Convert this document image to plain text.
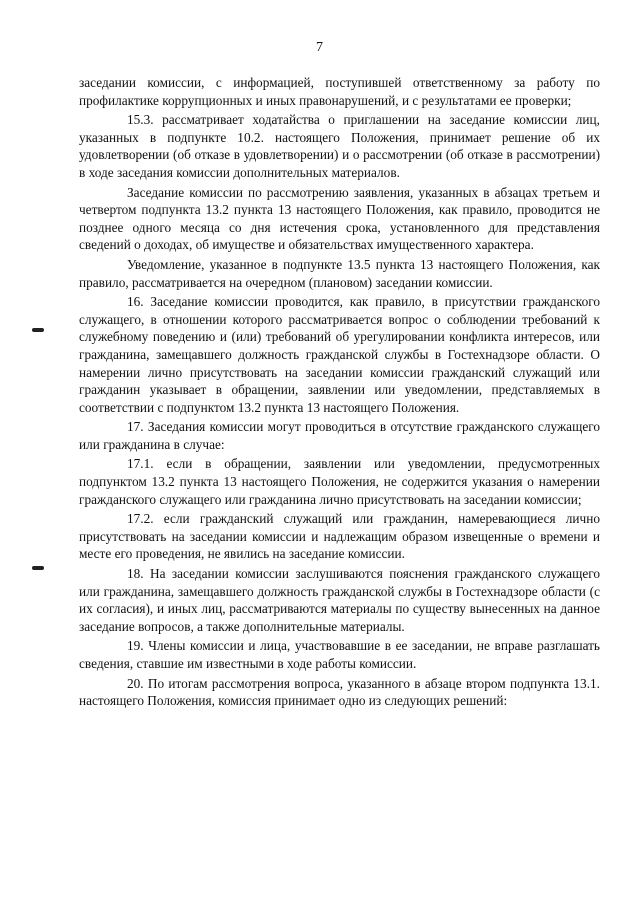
7

заседании комиссии, с информацией, поступившей ответственному за работу по профилактике коррупционных и иных правонарушений, и с результатами ее проверки;

15.3. рассматривает ходатайства о приглашении на заседание комиссии лиц, указанных в подпункте 10.2. настоящего Положения, принимает решение об их удовлетворении (об отказе в удовлетворении) и о рассмотрении (об отказе в рассмотрении) в ходе заседания комиссии дополнительных материалов.

Заседание комиссии по рассмотрению заявления, указанных в абзацах третьем и четвертом подпункта 13.2 пункта 13 настоящего Положения, как правило, проводится не позднее одного месяца со дня истечения срока, установленного для представления сведений о доходах, об имуществе и обязательствах имущественного характера.

Уведомление, указанное в подпункте 13.5 пункта 13 настоящего Положения, как правило, рассматривается на очередном (плановом) заседании комиссии.

16. Заседание комиссии проводится, как правило, в присутствии гражданского служащего, в отношении которого рассматривается вопрос о соблюдении требований к служебному поведению и (или) требований об урегулировании конфликта интересов, или гражданина, замещавшего должность гражданской службы в Гостехнадзоре области. О намерении лично присутствовать на заседании комиссии гражданский служащий или гражданин указывает в обращении, заявлении или уведомлении, представляемых в соответствии с подпунктом 13.2 пункта 13 настоящего Положения.

17. Заседания комиссии могут проводиться в отсутствие гражданского служащего или гражданина в случае:

17.1. если в обращении, заявлении или уведомлении, предусмотренных подпунктом 13.2 пункта 13 настоящего Положения, не содержится указания о намерении гражданского служащего или гражданина лично присутствовать на заседании комиссии;

17.2. если гражданский служащий или гражданин, намеревающиеся лично присутствовать на заседании комиссии и надлежащим образом извещенные о времени и месте его проведения, не явились на заседание комиссии.

18. На заседании комиссии заслушиваются пояснения гражданского служащего или гражданина, замещавшего должность гражданской службы в Гостехнадзоре области (с их согласия), и иных лиц, рассматриваются материалы по существу вынесенных на данное заседание вопросов, а также дополнительные материалы.

19. Члены комиссии и лица, участвовавшие в ее заседании, не вправе разглашать сведения, ставшие им известными в ходе работы комиссии.

20. По итогам рассмотрения вопроса, указанного в абзаце втором подпункта 13.1. настоящего Положения, комиссия принимает одно из следующих решений:
